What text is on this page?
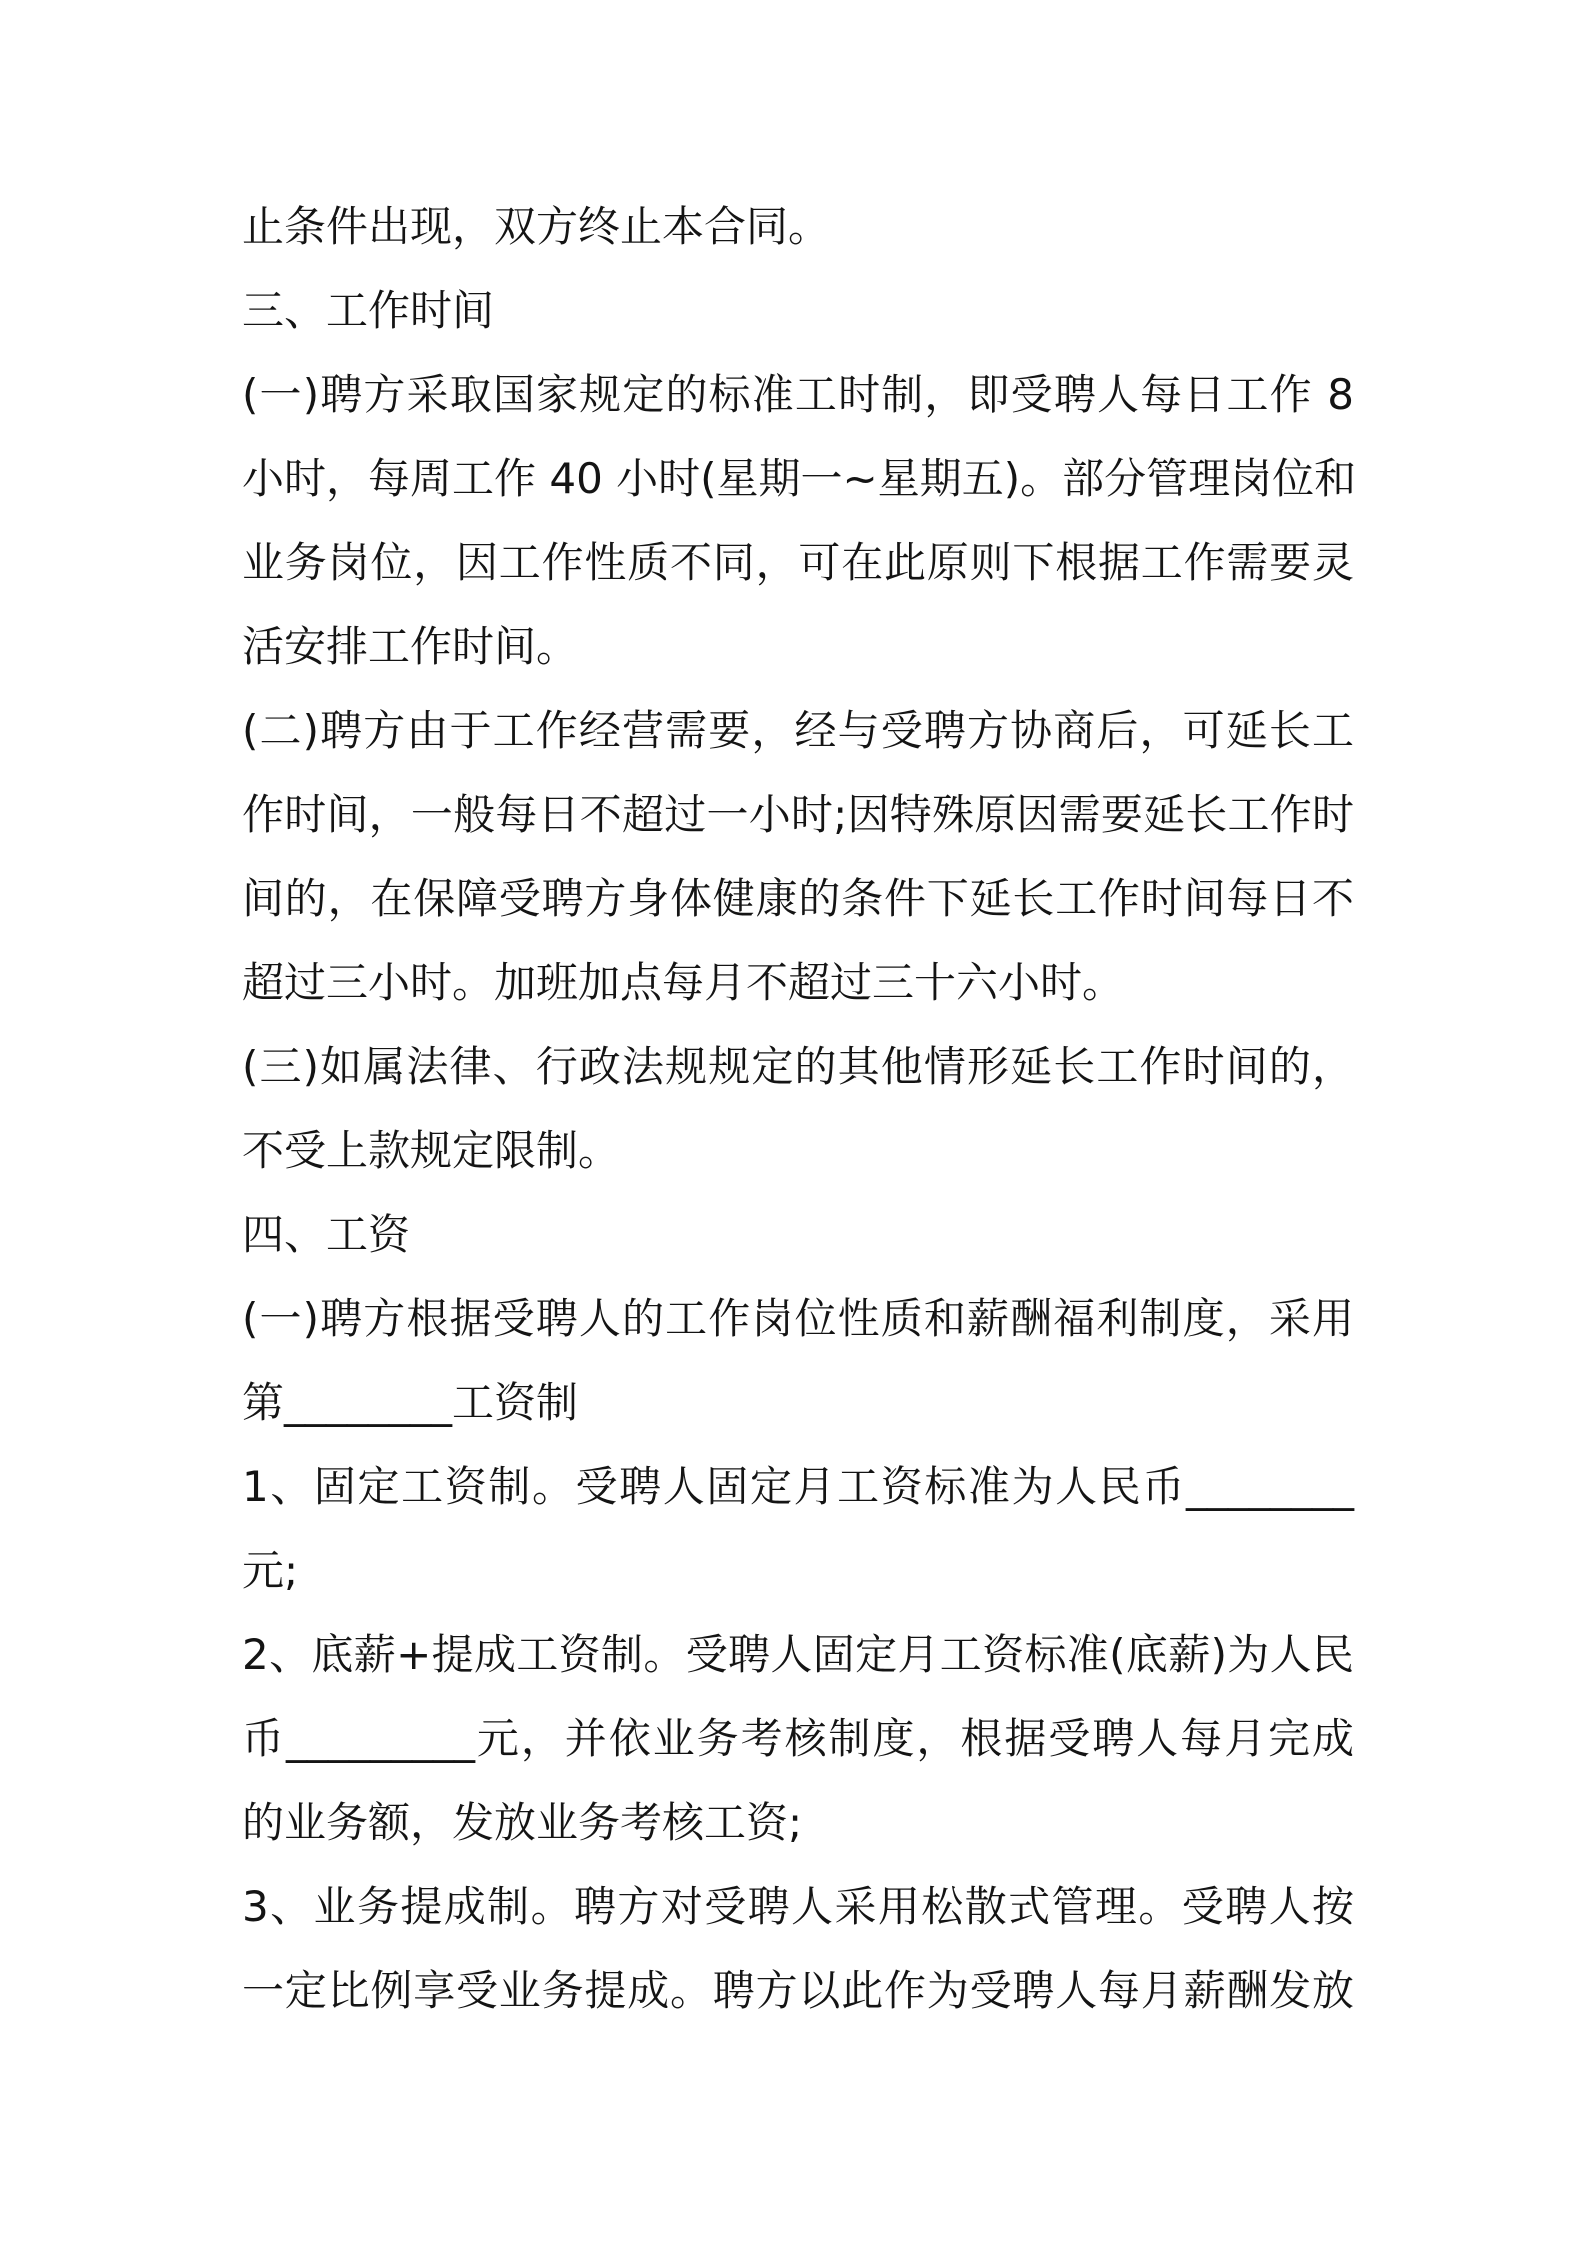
止条件出现，双方终止本合同。
三、工作时间
(一)聘方采取国家规定的标准工时制，即受聘人每日工作 8
小时，每周工作 40 小时(星期一~星期五)。部分管理岗位和
业务岗位，因工作性质不同，可在此原则下根据工作需要灵
活安排工作时间。
(二)聘方由于工作经营需要，经与受聘方协商后，可延长工
作时间，一般每日不超过一小时;因特殊原因需要延长工作时
间的，在保障受聘方身体健康的条件下延长工作时间每日不
超过三小时。加班加点每月不超过三十六小时。
(三)如属法律、行政法规规定的其他情形延长工作时间的，
不受上款规定限制。
四、工资
(一)聘方根据受聘人的工作岗位性质和薪酬福利制度，采用
第________工资制
1、固定工资制。受聘人固定月工资标准为人民币________
元;
2、底薪+提成工资制。受聘人固定月工资标准(底薪)为人民
币_________元，并依业务考核制度，根据受聘人每月完成
的业务额，发放业务考核工资;
3、业务提成制。聘方对受聘人采用松散式管理。受聘人按
一定比例享受业务提成。聘方以此作为受聘人每月薪酬发放
